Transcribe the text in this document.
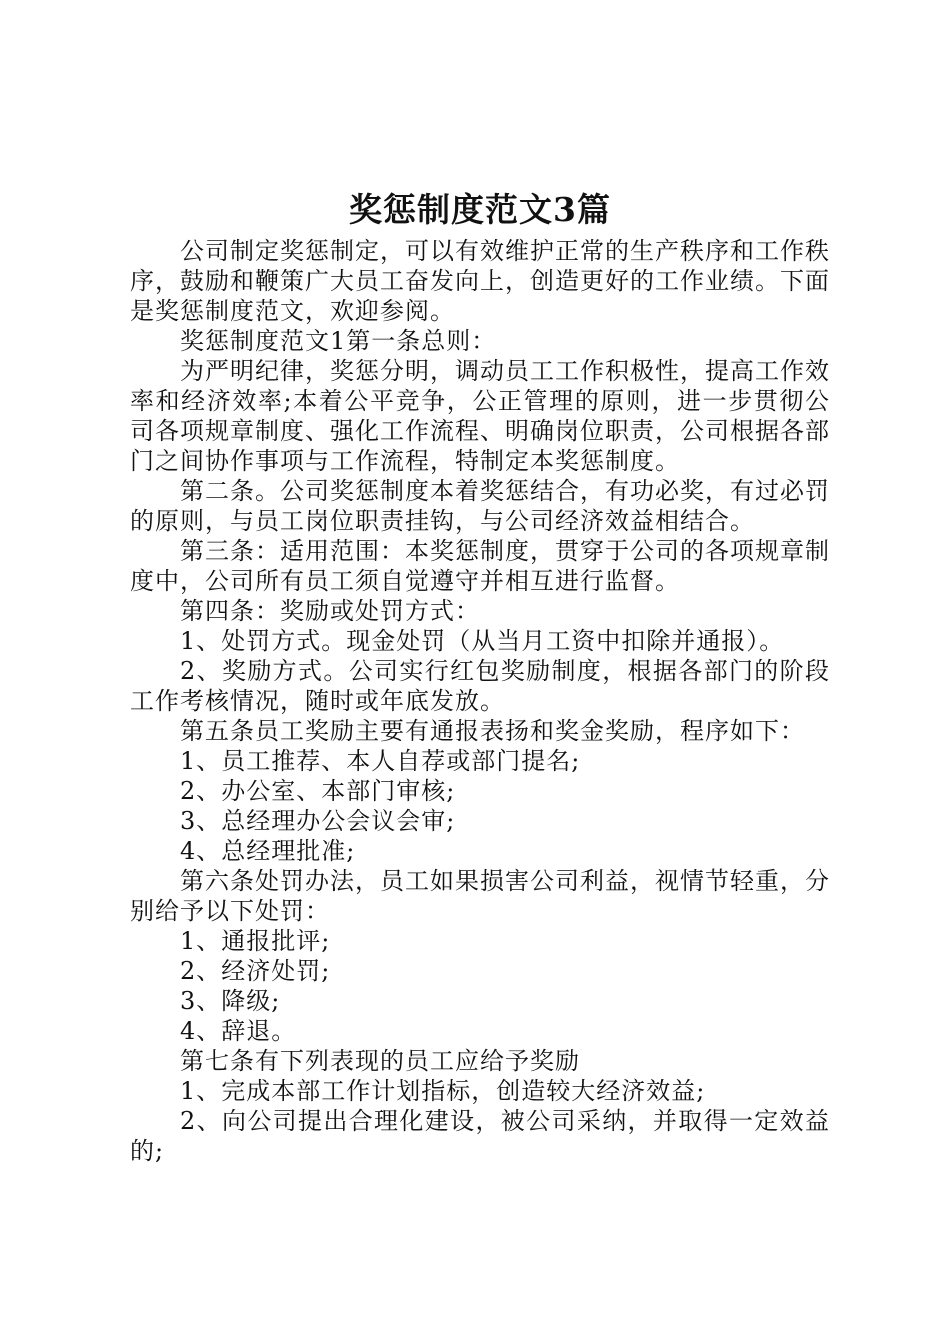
奖惩制度范文3篇

公司制定奖惩制定，可以有效维护正常的生产秩序和工作秩序，鼓励和鞭策广大员工奋发向上，创造更好的工作业绩。下面是奖惩制度范文，欢迎参阅。

奖惩制度范文1第一条总则：

为严明纪律，奖惩分明，调动员工工作积极性，提高工作效率和经济效率;本着公平竞争，公正管理的原则，进一步贯彻公司各项规章制度、强化工作流程、明确岗位职责，公司根据各部门之间协作事项与工作流程，特制定本奖惩制度。

第二条。公司奖惩制度本着奖惩结合，有功必奖，有过必罚的原则，与员工岗位职责挂钩，与公司经济效益相结合。

第三条：适用范围：本奖惩制度，贯穿于公司的各项规章制度中，公司所有员工须自觉遵守并相互进行监督。

第四条：奖励或处罚方式：

1、处罚方式。现金处罚（从当月工资中扣除并通报）。

2、奖励方式。公司实行红包奖励制度，根据各部门的阶段工作考核情况，随时或年底发放。

第五条员工奖励主要有通报表扬和奖金奖励，程序如下：

1、员工推荐、本人自荐或部门提名;

2、办公室、本部门审核;

3、总经理办公会议会审;

4、总经理批准;

第六条处罚办法，员工如果损害公司利益，视情节轻重，分别给予以下处罚：

1、通报批评;

2、经济处罚;

3、降级;

4、辞退。

第七条有下列表现的员工应给予奖励

1、完成本部工作计划指标，创造较大经济效益;

2、向公司提出合理化建设，被公司采纳，并取得一定效益的;
